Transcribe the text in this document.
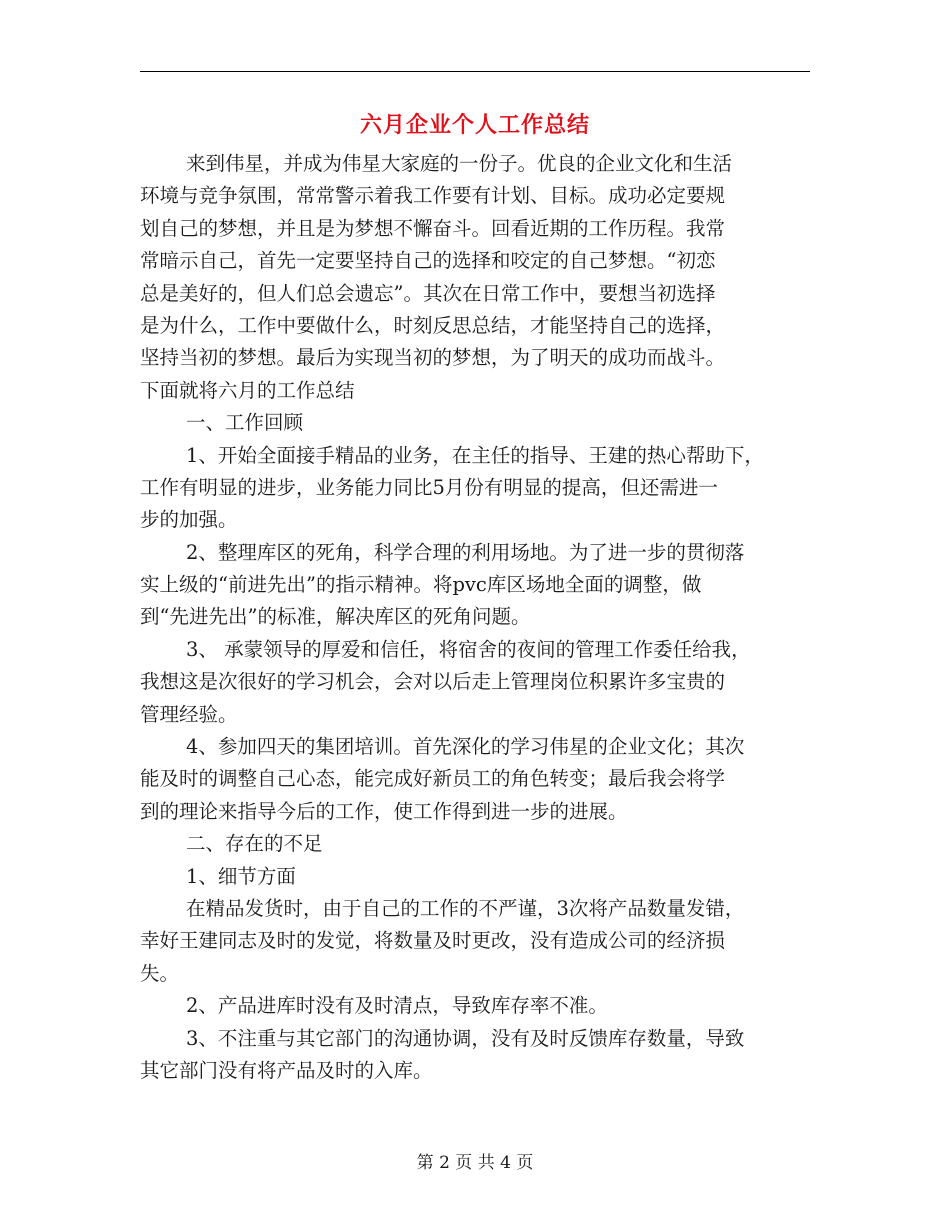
六月企业个人工作总结
来到伟星，并成为伟星大家庭的一份子。优良的企业文化和生活
环境与竞争氛围，常常警示着我工作要有计划、目标。成功必定要规
划自己的梦想，并且是为梦想不懈奋斗。回看近期的工作历程。我常
常暗示自己，首先一定要坚持自己的选择和咬定的自己梦想。“初恋
总是美好的，但人们总会遗忘”。其次在日常工作中，要想当初选择
是为什么，工作中要做什么，时刻反思总结，才能坚持自己的选择，
坚持当初的梦想。最后为实现当初的梦想，为了明天的成功而战斗。
下面就将六月的工作总结
一、工作回顾
1、开始全面接手精品的业务，在主任的指导、王建的热心帮助下，
工作有明显的进步，业务能力同比5月份有明显的提高，但还需进一
步的加强。
2、整理库区的死角，科学合理的利用场地。为了进一步的贯彻落
实上级的“前进先出”的指示精神。将pvc库区场地全面的调整，做
到“先进先出”的标准，解决库区的死角问题。
3、 承蒙领导的厚爱和信任，将宿舍的夜间的管理工作委任给我，
我想这是次很好的学习机会，会对以后走上管理岗位积累许多宝贵的
管理经验。
4、参加四天的集团培训。首先深化的学习伟星的企业文化；其次
能及时的调整自己心态，能完成好新员工的角色转变；最后我会将学
到的理论来指导今后的工作，使工作得到进一步的进展。
二、存在的不足
1、细节方面
在精品发货时，由于自己的工作的不严谨，3次将产品数量发错，
幸好王建同志及时的发觉，将数量及时更改，没有造成公司的经济损
失。
2、产品进库时没有及时清点，导致库存率不准。
3、不注重与其它部门的沟通协调，没有及时反馈库存数量，导致
其它部门没有将产品及时的入库。
第 2 页 共 4 页
